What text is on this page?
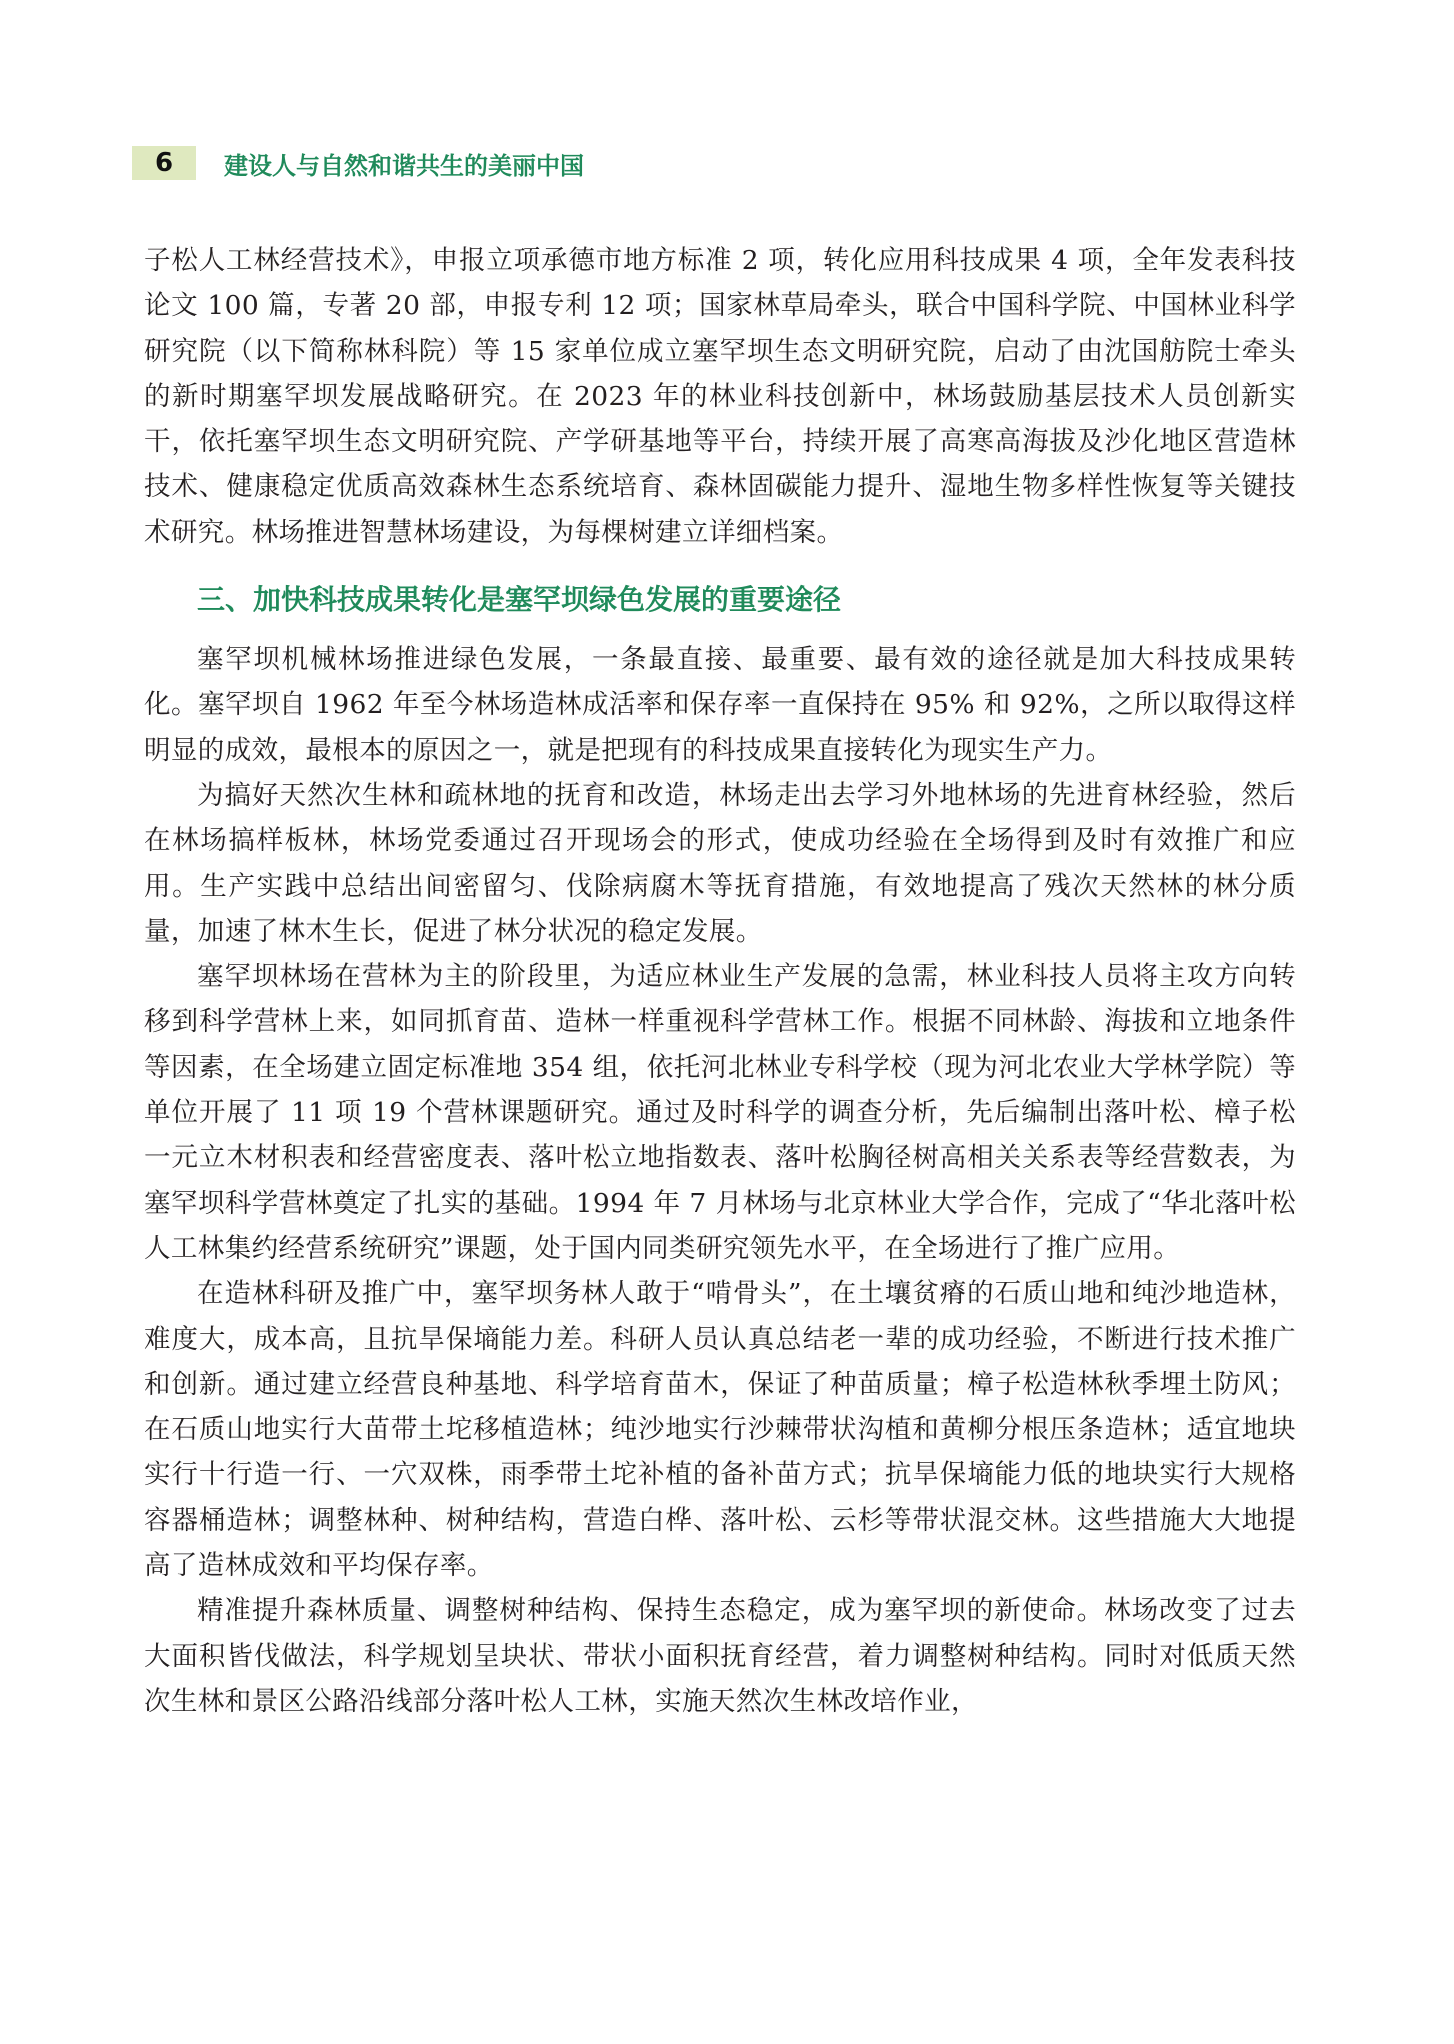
6	建设人与自然和谐共生的美丽中国

子松人工林经营技术》，申报立项承德市地方标准 2 项，转化应用科技成果 4 项，全年发表科技论文 100 篇，专著 20 部，申报专利 12 项；国家林草局牵头，联合中国科学院、中国林业科学研究院（以下简称林科院）等 15 家单位成立塞罕坝生态文明研究院，启动了由沈国舫院士牵头的新时期塞罕坝发展战略研究。在 2023 年的林业科技创新中，林场鼓励基层技术人员创新实干，依托塞罕坝生态文明研究院、产学研基地等平台，持续开展了高寒高海拔及沙化地区营造林技术、健康稳定优质高效森林生态系统培育、森林固碳能力提升、湿地生物多样性恢复等关键技术研究。林场推进智慧林场建设，为每棵树建立详细档案。

三、加快科技成果转化是塞罕坝绿色发展的重要途径

塞罕坝机械林场推进绿色发展，一条最直接、最重要、最有效的途径就是加大科技成果转化。塞罕坝自 1962 年至今林场造林成活率和保存率一直保持在 95% 和 92%，之所以取得这样明显的成效，最根本的原因之一，就是把现有的科技成果直接转化为现实生产力。

为搞好天然次生林和疏林地的抚育和改造，林场走出去学习外地林场的先进育林经验，然后在林场搞样板林，林场党委通过召开现场会的形式，使成功经验在全场得到及时有效推广和应用。生产实践中总结出间密留匀、伐除病腐木等抚育措施，有效地提高了残次天然林的林分质量，加速了林木生长，促进了林分状况的稳定发展。

塞罕坝林场在营林为主的阶段里，为适应林业生产发展的急需，林业科技人员将主攻方向转移到科学营林上来，如同抓育苗、造林一样重视科学营林工作。根据不同林龄、海拔和立地条件等因素，在全场建立固定标准地 354 组，依托河北林业专科学校（现为河北农业大学林学院）等单位开展了 11 项 19 个营林课题研究。通过及时科学的调查分析，先后编制出落叶松、樟子松一元立木材积表和经营密度表、落叶松立地指数表、落叶松胸径树高相关关系表等经营数表，为塞罕坝科学营林奠定了扎实的基础。1994 年 7 月林场与北京林业大学合作，完成了“华北落叶松人工林集约经营系统研究”课题，处于国内同类研究领先水平，在全场进行了推广应用。

在造林科研及推广中，塞罕坝务林人敢于“啃骨头”，在土壤贫瘠的石质山地和纯沙地造林，难度大，成本高，且抗旱保墒能力差。科研人员认真总结老一辈的成功经验，不断进行技术推广和创新。通过建立经营良种基地、科学培育苗木，保证了种苗质量；樟子松造林秋季埋土防风；在石质山地实行大苗带土坨移植造林；纯沙地实行沙棘带状沟植和黄柳分根压条造林；适宜地块实行十行造一行、一穴双株，雨季带土坨补植的备补苗方式；抗旱保墒能力低的地块实行大规格容器桶造林；调整林种、树种结构，营造白桦、落叶松、云杉等带状混交林。这些措施大大地提高了造林成效和平均保存率。

精准提升森林质量、调整树种结构、保持生态稳定，成为塞罕坝的新使命。林场改变了过去大面积皆伐做法，科学规划呈块状、带状小面积抚育经营，着力调整树种结构。同时对低质天然次生林和景区公路沿线部分落叶松人工林，实施天然次生林改培作业，
